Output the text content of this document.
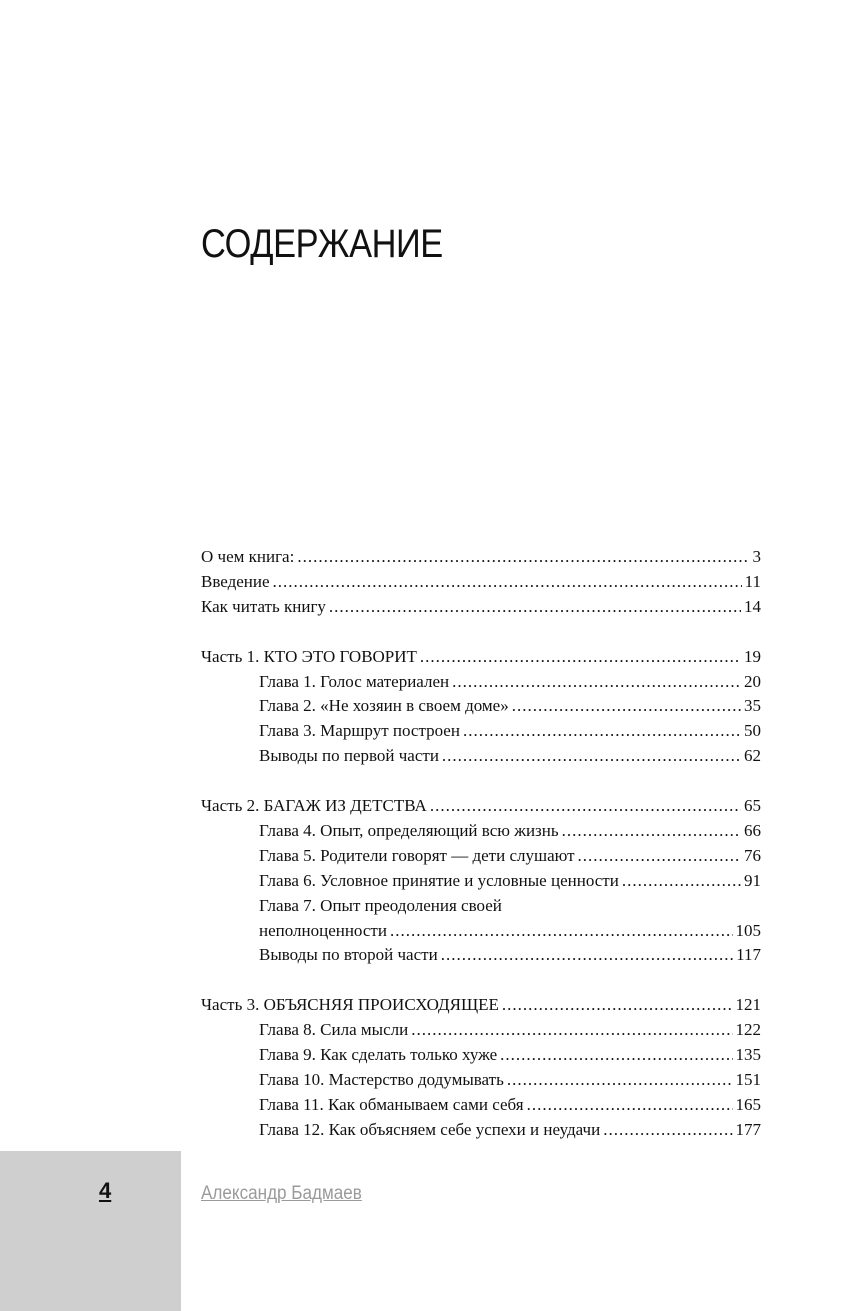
СОДЕРЖАНИЕ
О чем книга: .....	3
Введение .....	11
Как читать книгу .....	14
Часть 1. КТО ЭТО ГОВОРИТ .....	19
Глава 1. Голос материален .....	20
Глава 2. «Не хозяин в своем доме» .....	35
Глава 3. Маршрут построен .....	50
Выводы по первой части .....	62
Часть 2. БАГАЖ ИЗ ДЕТСТВА .....	65
Глава 4. Опыт, определяющий всю жизнь .....	66
Глава 5. Родители говорят — дети слушают .....	76
Глава 6. Условное принятие и условные ценности .....	91
Глава 7. Опыт преодоления своей
неполноценности .....	105
Выводы по второй части .....	117
Часть 3. ОБЪЯСНЯЯ ПРОИСХОДЯЩЕЕ .....	121
Глава 8. Сила мысли .....	122
Глава 9. Как сделать только хуже .....	135
Глава 10. Мастерство додумывать .....	151
Глава 11. Как обманываем сами себя .....	165
Глава 12. Как объясняем себе успехи и неудачи .....	177
4	Александр Бадмаев
